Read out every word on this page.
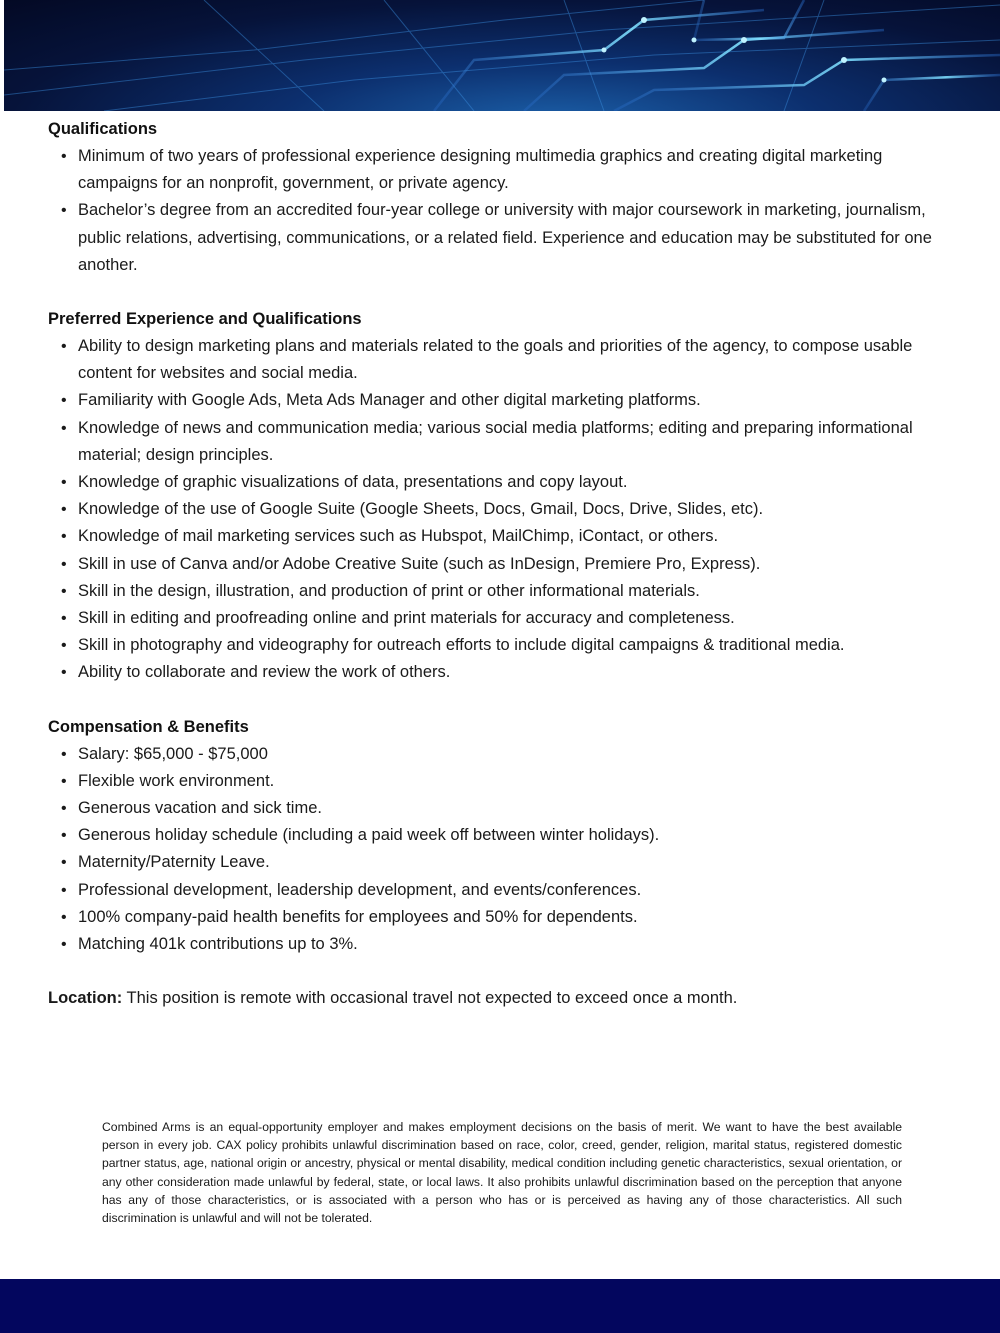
Qualifications
• Minimum of two years of professional experience designing multimedia graphics and creating digital marketing campaigns for an nonprofit, government, or private agency.
• Bachelor’s degree from an accredited four-year college or university with major coursework in marketing, journalism, public relations, advertising, communications, or a related field. Experience and education may be substituted for one another.
Preferred Experience and Qualifications
• Ability to design marketing plans and materials related to the goals and priorities of the agency, to compose usable content for websites and social media.
• Familiarity with Google Ads, Meta Ads Manager and other digital marketing platforms.
• Knowledge of news and communication media; various social media platforms; editing and preparing informational material; design principles.
• Knowledge of graphic visualizations of data, presentations and copy layout.
• Knowledge of the use of Google Suite (Google Sheets, Docs, Gmail, Docs, Drive, Slides, etc).
• Knowledge of mail marketing services such as Hubspot, MailChimp, iContact, or others.
• Skill in use of Canva and/or Adobe Creative Suite (such as InDesign, Premiere Pro, Express).
• Skill in the design, illustration, and production of print or other informational materials.
• Skill in editing and proofreading online and print materials for accuracy and completeness.
• Skill in photography and videography for outreach efforts to include digital campaigns & traditional media.
• Ability to collaborate and review the work of others.
Compensation & Benefits
• Salary: $65,000 - $75,000
• Flexible work environment.
• Generous vacation and sick time.
• Generous holiday schedule (including a paid week off between winter holidays).
• Maternity/Paternity Leave.
• Professional development, leadership development, and events/conferences.
• 100% company-paid health benefits for employees and 50% for dependents.
• Matching 401k contributions up to 3%.

Location: This position is remote with occasional travel not expected to exceed once a month.

Combined Arms is an equal-opportunity employer and makes employment decisions on the basis of merit. We want to have the best available person in every job. CAX policy prohibits unlawful discrimination based on race, color, creed, gender, religion, marital status, registered domestic partner status, age, national origin or ancestry, physical or mental disability, medical condition including genetic characteristics, sexual orientation, or any other consideration made unlawful by federal, state, or local laws. It also prohibits unlawful discrimination based on the perception that anyone has any of those characteristics, or is associated with a person who has or is perceived as having any of those characteristics. All such discrimination is unlawful and will not be tolerated.
